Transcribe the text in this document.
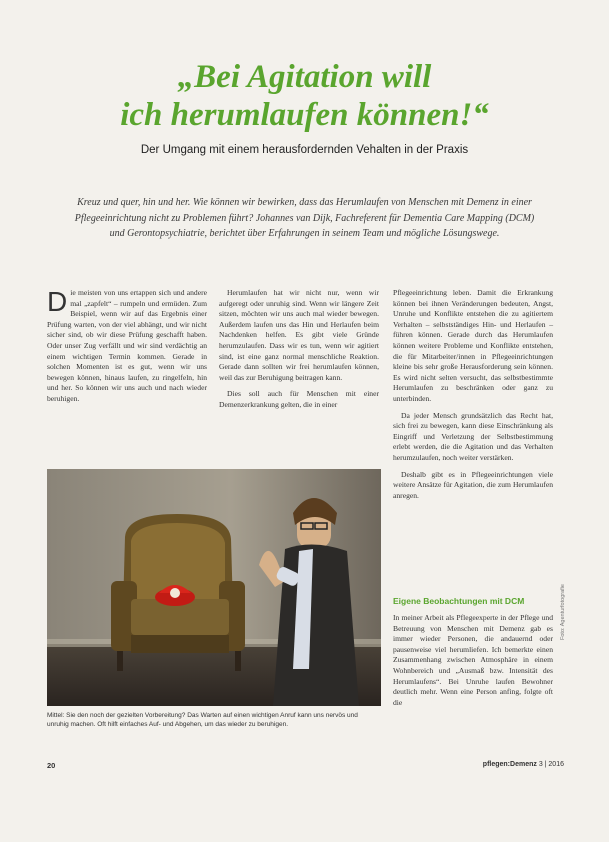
„Bei Agitation will
ich herumlaufen können!“
Der Umgang mit einem herausfordernden Vehalten in der Praxis
Kreuz und quer, hin und her. Wie können wir bewirken, dass das Herumlaufen von Menschen mit Demenz in einer Pflegeeinrichtung nicht zu Problemen führt? Johannes van Dijk, Fachreferent für Dementia Care Mapping (DCM) und Gerontopsychiatrie, berichtet über Erfahrungen in seinem Team und mögliche Lösungswege.

Die meisten von uns ertappen sich und andere mal „zapfelt“ – rumpeln und ermüden. Zum Beispiel, wenn wir auf das Ergebnis einer Prüfung warten, von der viel abhängt, und wir nicht sicher sind, ob wir diese Prüfung geschafft haben. Oder unser Zug verfällt und wir sind verdächtig an einem wichtigen Termin kommen. Gerade in solchen Momenten ist es gut, wenn wir uns bewegen können, hinaus laufen, zu ringelfeln, hin und her. So können wir uns auch und nach wieder beruhigen.

Herumlaufen hat wir nicht nur, wenn wir aufgeregt oder unruhig sind. Wenn wir längere Zeit sitzen, möchten wir uns auch mal wieder bewegen. Außerdem laufen uns das Hin und Herlaufen beim Nachdenken helfen. Es gibt viele Gründe herumzulaufen. Dass wir es tun, wenn wir agitiert sind, ist eine ganz normal menschliche Reaktion. Gerade dann sollten wir frei herumlaufen können, weil das zur Beruhigung beitragen kann.

Dies soll auch für Menschen mit einer Demenzerkrankung gelten, die in einer

Pflegeeinrichtung leben. Damit die Erkrankung können bei ihnen Veränderungen bedeuten, Angst, Unruhe und Konflikte entstehen die zu agitiertem Verhalten – selbstständiges Hin- und Herlaufen – führen können. Gerade durch das Herumlaufen können weitere Probleme und Konflikte entstehen, die für Mitarbeiter/innen in Pflegeeinrichtungen kleine bis sehr große Herausforderung sein können. Es wird nicht selten versucht, das selbstbestimmte Herumlaufen zu beschränken oder ganz zu unterbinden.

Da jeder Mensch grundsätzlich das Recht hat, sich frei zu bewegen, kann diese Einschränkung als Eingriff und Verletzung der Selbstbestimmung erlebt werden, die die Agitation und das Verhalten herumzulaufen, noch weiter verstärken.

Deshalb gibt es in Pflegeeinrichtungen viele weitere Ansätze für Agitation, die zum Herumlaufen anregen.

Mittel: Sie den noch der gezielten Vorbereitung? Das Warten auf einen wichtigen Anruf kann uns nervös und unruhig machen. Oft hilft einfaches Auf- und Abgehen, um das wieder zu beruhigen.
Eigene Beobachtungen mit DCM

In meiner Arbeit als Pflegeexperte in der Pflege und Betreuung von Menschen mit Demenz gab es immer wieder Personen, die andauernd oder pausenweise viel herumliefen. Ich bemerkte einen Zusammenhang zwischen Atmosphäre in einem Wohnbereich und „Ausmaß bzw. Intensität des Herumlaufens“. Bei Unruhe laufen Bewohner deutlich mehr. Wenn eine Person anfing, folgte oft die

20	pflegen:Demenz 3 | 2016
Foto: Agenturfotografie
